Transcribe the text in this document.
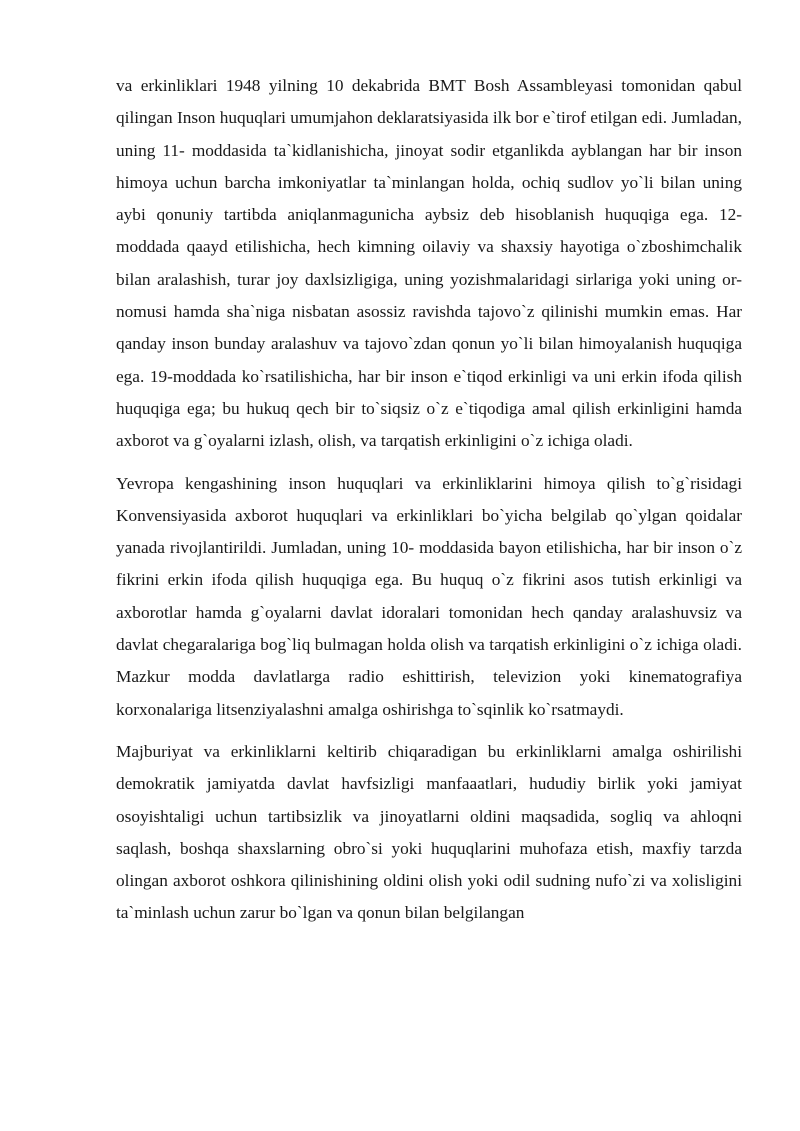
va erkinliklari 1948 yilning 10 dekabrida BMT Bosh Assambleyasi tomonidan qabul qilingan Inson huquqlari umumjahon deklaratsiyasida ilk bor e`tirof etilgan edi. Jumladan, uning 11- moddasida ta`kidlanishicha, jinoyat sodir etganlikda ayblangan har bir inson himoya uchun barcha imkoniyatlar ta`minlangan holda, ochiq sudlov yo`li bilan uning aybi qonuniy tartibda aniqlanmagunicha aybsiz deb hisoblanish huquqiga ega. 12- moddada qaayd etilishicha, hech kimning oilaviy va shaxsiy hayotiga o`zboshimchalik bilan aralashish, turar joy daxlsizligiga, uning yozishmalaridagi sirlariga yoki uning or-nomusi hamda sha`niga nisbatan asossiz ravishda tajovo`z qilinishi mumkin emas. Har qanday inson bunday aralashuv va tajovo`zdan qonun yo`li bilan himoyalanish huquqiga ega. 19-moddada ko`rsatilishicha, har bir inson e`tiqod erkinligi va uni erkin ifoda qilish huquqiga ega; bu hukuq qech bir to`siqsiz o`z e`tiqodiga amal qilish erkinligini hamda axborot va g`oyalarni izlash, olish, va tarqatish erkinligini o`z ichiga oladi.

Yevropa kengashining inson huquqlari va erkinliklarini himoya qilish to`g`risidagi Konvensiyasida axborot huquqlari va erkinliklari bo`yicha belgilab qo`ylgan qoidalar yanada rivojlantirildi. Jumladan, uning 10- moddasida bayon etilishicha, har bir inson o`z fikrini erkin ifoda qilish huquqiga ega. Bu huquq o`z fikrini asos tutish erkinligi va axborotlar hamda g`oyalarni davlat idoralari tomonidan hech qanday aralashuvsiz va davlat chegaralariga bog`liq bulmagan holda olish va tarqatish erkinligini o`z ichiga oladi. Mazkur modda davlatlarga radio eshittirish, televizion yoki kinematografiya korxonalariga litsenziyalashni amalga oshirishga to`sqinlik ko`rsatmaydi.

Majburiyat va erkinliklarni keltirib chiqaradigan bu erkinliklarni amalga oshirilishi demokratik jamiyatda davlat havfsizligi manfaaatlari, hududiy birlik yoki jamiyat osoyishtaligi uchun tartibsizlik va jinoyatlarni oldini maqsadida, sogliq va ahloqni saqlash, boshqa shaxslarning obro`si yoki huquqlarini muhofaza etish, maxfiy tarzda olingan axborot oshkora qilinishining oldini olish yoki odil sudning nufo`zi va xolisligini ta`minlash uchun zarur bo`lgan va qonun bilan belgilangan
